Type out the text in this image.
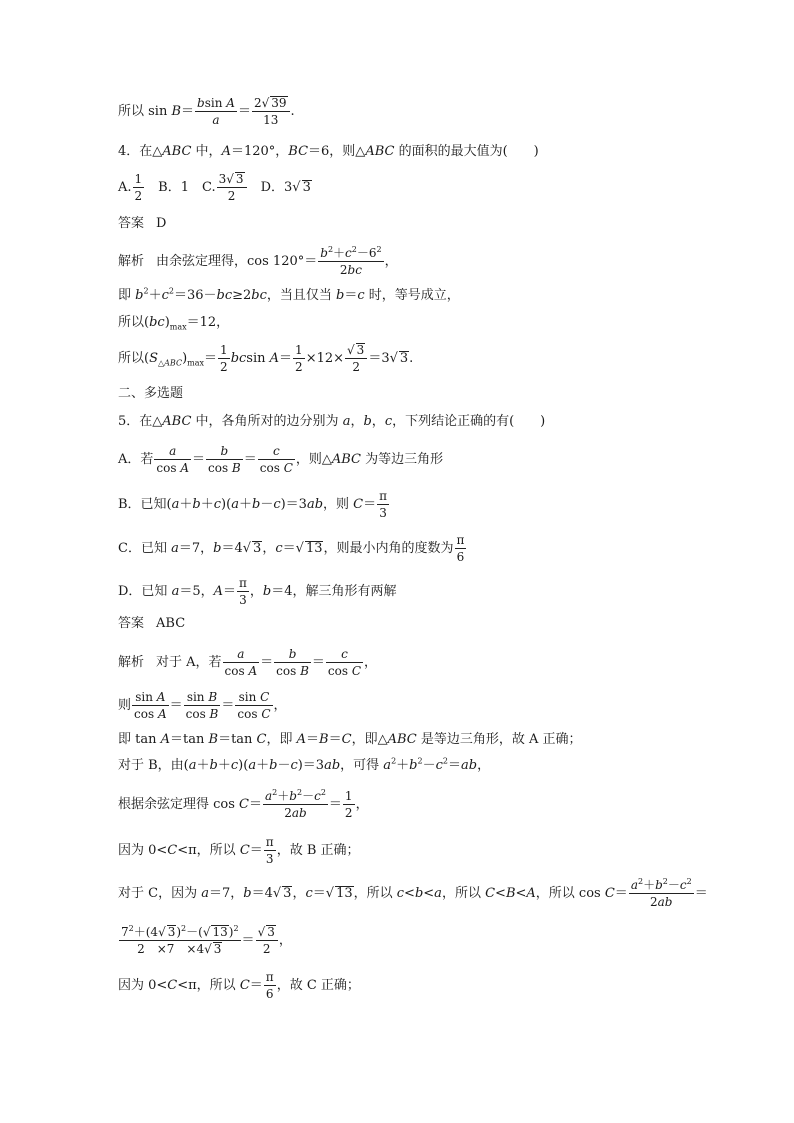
所以 $\sin B= \frac{\text{bsin A}}{a} = \frac{2√ 39}{13}$ .
4．在△ABC 中，A＝120°，BC＝6，则△ABC 的面积的最大值为(　　)
A. $\frac{1}{2}$ 　B．1　C. $\frac{3√ 3}{2}$ 　D．3√ 3
答案 D
解析 由余弦定理得，$\cos 120^\circ= \frac{b^2+c^2-6^2}{2bc}$ ，
即 $b^2+c^2=36-bc\ge 2bc$，当且仅当 b＝c 时，等号成立，
所以$(bc)_{max}=12$，
所以$(S_{\triangle ABC})_{max}= \frac{1}{2}$ bcsin $A= \frac{1}{2} \times 12\times \frac{√ 3}{2} =3√$ 3.
二、多选题
5．在△ABC 中，各角所对的边分别为 a，b，c，下列结论正确的有(　　)
A．若 $\frac{a}{\text{cos A}} = \frac{b}{\text{cos B}} = \frac{c}{\text{cos C}}$ ，则△ABC 为等边三角形
B．已知(a＋b＋c)(a＋b－c)＝3ab，则 $C= \frac{\pi}{3}$
C．已知 a＝7，b＝4√ 3，c＝√ 13，则最小内角的度数为 $\frac{\pi}{6}$
D．已知 a＝5，$A= \frac{\pi}{3}$ ，b＝4，解三角形有两解
答案 ABC
解析 对于 A，若 $\frac{a}{\text{cos A}} = \frac{b}{\text{cos B}} = \frac{c}{\text{cos C}}$ ，
则 $\frac{\text{sin A}}{\text{cos A}} = \frac{\text{sin B}}{\text{cos B}} = \frac{\text{sin C}}{\text{cos C}}$ ，
即 tan A＝tan B＝tan C，即 A＝B＝C，即△ABC 是等边三角形，故 A 正确；
对于 B，由(a＋b＋c)(a＋b－c)＝3ab，可得 $a^2+b^2-c^2=ab$，
根据余弦定理得 $\cos C= \frac{a^2+b^2-c^2}{2ab} = \frac{1}{2}$ ，
因为 0<C<π，所以 $C= \frac{\pi}{3}$ ，故 B 正确；
对于 C，因为 a＝7，b＝4√ 3，c＝√ 13，所以 c<b<a，所以 C<B<A，所以 $\cos C= \frac{a^2+b^2-c^2}{2ab}$ ＝
$\frac{7^2+(4√ 3)^2-(√ 13)^2}{2 \times 7 \times 4√ 3} = \frac{√ 3}{2}$ ，
因为 0<C<π，所以 $C= \frac{\pi}{6}$ ，故 C 正确；
